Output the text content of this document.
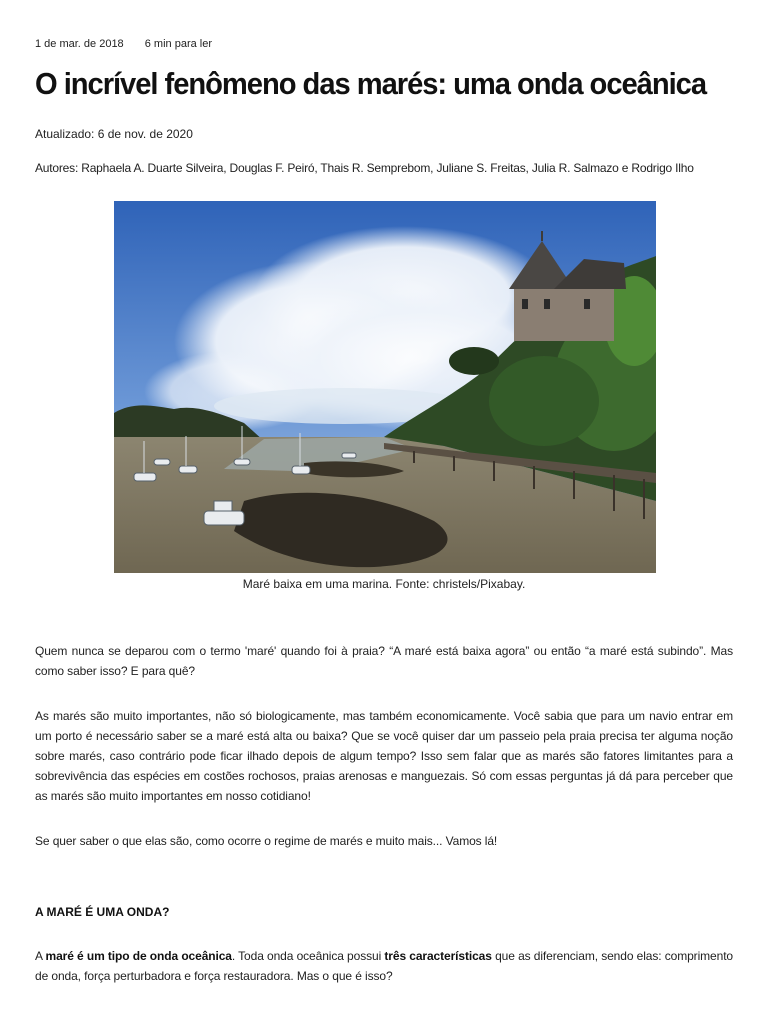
1 de mar. de 2018 6 min para ler
O incrível fenômeno das marés: uma onda oceânica
Atualizado: 6 de nov. de 2020
Autores: Raphaela A. Duarte Silveira, Douglas F. Peiró, Thais R. Semprebom, Juliane S. Freitas, Julia R. Salmazo e Rodrigo Ilho
Maré baixa em uma marina. Fonte: christels/Pixabay.

Quem nunca se deparou com o termo 'maré' quando foi à praia? “A maré está baixa agora” ou então “a maré está subindo”. Mas como saber isso? E para quê?

As marés são muito importantes, não só biologicamente, mas também economicamente. Você sabia que para um navio entrar em um porto é necessário saber se a maré está alta ou baixa? Que se você quiser dar um passeio pela praia precisa ter alguma noção sobre marés, caso contrário pode ficar ilhado depois de algum tempo? Isso sem falar que as marés são fatores limitantes para a sobrevivência das espécies em costões rochosos, praias arenosas e manguezais. Só com essas perguntas já dá para perceber que as marés são muito importantes em nosso cotidiano!

Se quer saber o que elas são, como ocorre o regime de marés e muito mais... Vamos lá!

A MARÉ É UMA ONDA?

A maré é um tipo de onda oceânica. Toda onda oceânica possui três características que as diferenciam, sendo elas: comprimento de onda, força perturbadora e força restauradora. Mas o que é isso?
